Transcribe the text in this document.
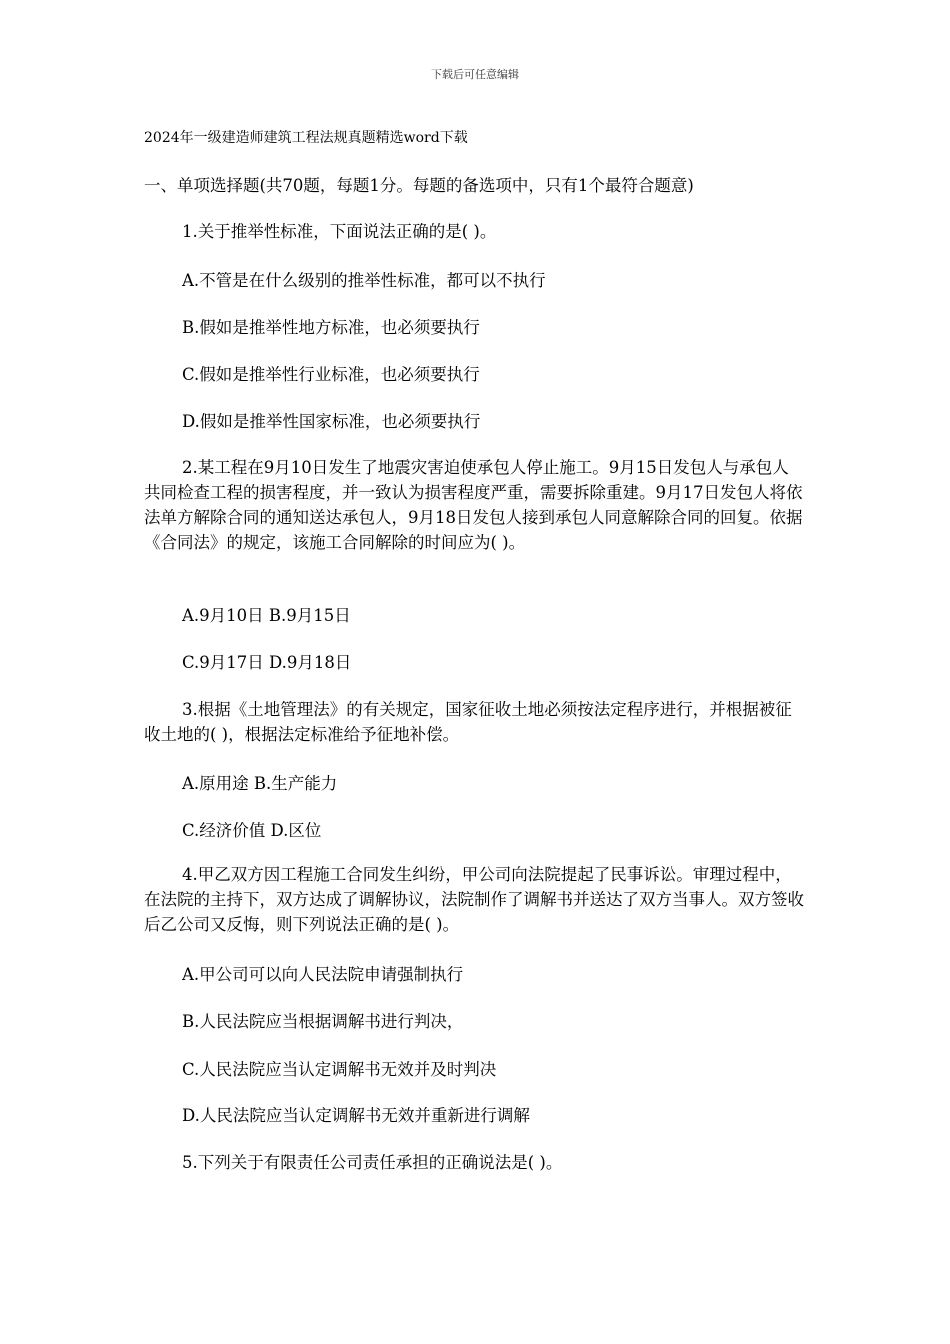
下载后可任意编辑
2024年一级建造师建筑工程法规真题精选word下载
一、单项选择题(共70题，每题1分。每题的备选项中，只有1个最符合题意)

1.关于推举性标准，下面说法正确的是( )。

A.不管是在什么级别的推举性标准，都可以不执行

B.假如是推举性地方标准，也必须要执行

C.假如是推举性行业标准，也必须要执行

D.假如是推举性国家标准，也必须要执行

2.某工程在9月10日发生了地震灾害迫使承包人停止施工。9月15日发包人与承包人共同检查工程的损害程度，并一致认为损害程度严重，需要拆除重建。9月17日发包人将依法单方解除合同的通知送达承包人，9月18日发包人接到承包人同意解除合同的回复。依据《合同法》的规定，该施工合同解除的时间应为( )。

A.9月10日 B.9月15日

C.9月17日 D.9月18日

3.根据《土地管理法》的有关规定，国家征收土地必须按法定程序进行，并根据被征收土地的( )，根据法定标准给予征地补偿。

A.原用途 B.生产能力

C.经济价值 D.区位

4.甲乙双方因工程施工合同发生纠纷，甲公司向法院提起了民事诉讼。审理过程中，在法院的主持下，双方达成了调解协议，法院制作了调解书并送达了双方当事人。双方签收后乙公司又反悔，则下列说法正确的是( )。

A.甲公司可以向人民法院申请强制执行

B.人民法院应当根据调解书进行判决，

C.人民法院应当认定调解书无效并及时判决

D.人民法院应当认定调解书无效并重新进行调解

5.下列关于有限责任公司责任承担的正确说法是( )。
